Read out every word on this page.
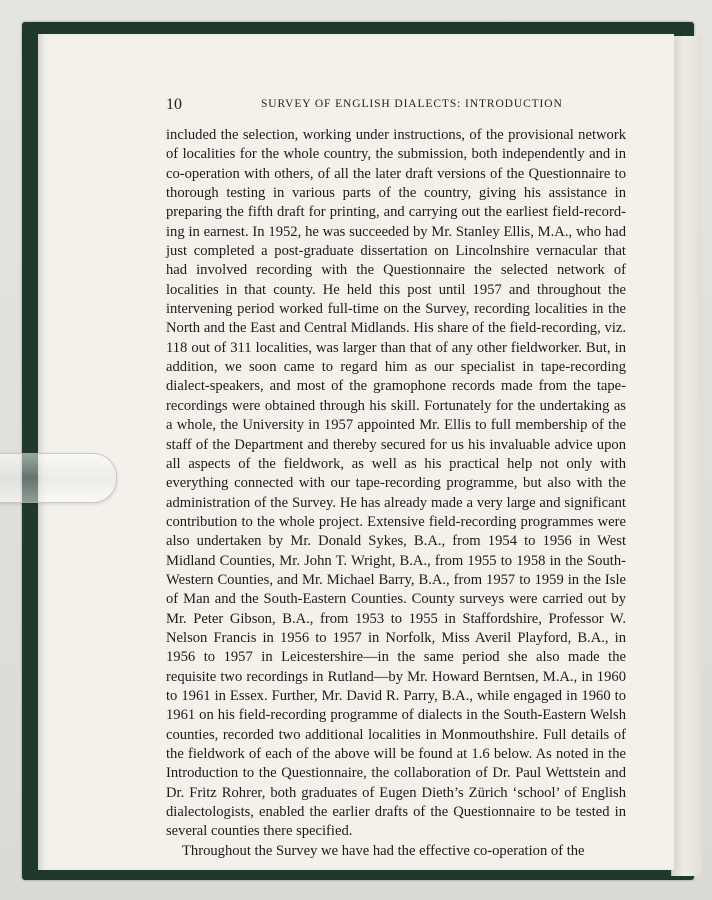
10	SURVEY OF ENGLISH DIALECTS: INTRODUCTION

included the selection, working under instructions, of the provisional network of localities for the whole country, the submission, both independently and in co-operation with others, of all the later draft versions of the Questionnaire to thorough testing in various parts of the country, giving his assistance in preparing the fifth draft for printing, and carrying out the earliest field-recording in earnest. In 1952, he was succeeded by Mr. Stanley Ellis, M.A., who had just completed a post-graduate dissertation on Lincolnshire vernacular that had involved recording with the Questionnaire the selected network of localities in that county. He held this post until 1957 and throughout the intervening period worked full-time on the Survey, recording localities in the North and the East and Central Midlands. His share of the field-recording, viz. 118 out of 311 localities, was larger than that of any other fieldworker. But, in addition, we soon came to regard him as our specialist in tape-recording dialect-speakers, and most of the gramophone records made from the tape-recordings were obtained through his skill. Fortunately for the undertaking as a whole, the University in 1957 appointed Mr. Ellis to full membership of the staff of the Department and thereby secured for us his invaluable advice upon all aspects of the fieldwork, as well as his practical help not only with everything connected with our tape-recording programme, but also with the administration of the Survey. He has already made a very large and significant contribution to the whole project. Extensive field-recording programmes were also undertaken by Mr. Donald Sykes, B.A., from 1954 to 1956 in West Midland Counties, Mr. John T. Wright, B.A., from 1955 to 1958 in the South-Western Counties, and Mr. Michael Barry, B.A., from 1957 to 1959 in the Isle of Man and the South-Eastern Counties. County surveys were carried out by Mr. Peter Gibson, B.A., from 1953 to 1955 in Staffordshire, Professor W. Nelson Francis in 1956 to 1957 in Norfolk, Miss Averil Playford, B.A., in 1956 to 1957 in Leicestershire—in the same period she also made the requisite two recordings in Rutland—by Mr. Howard Berntsen, M.A., in 1960 to 1961 in Essex. Further, Mr. David R. Parry, B.A., while engaged in 1960 to 1961 on his field-recording programme of dialects in the South-Eastern Welsh counties, recorded two additional localities in Monmouthshire. Full details of the fieldwork of each of the above will be found at 1.6 below. As noted in the Introduction to the Questionnaire, the collaboration of Dr. Paul Wettstein and Dr. Fritz Rohrer, both graduates of Eugen Dieth’s Zürich ‘school’ of English dialectologists, enabled the earlier drafts of the Questionnaire to be tested in several counties there specified.

Throughout the Survey we have had the effective co-operation of the
